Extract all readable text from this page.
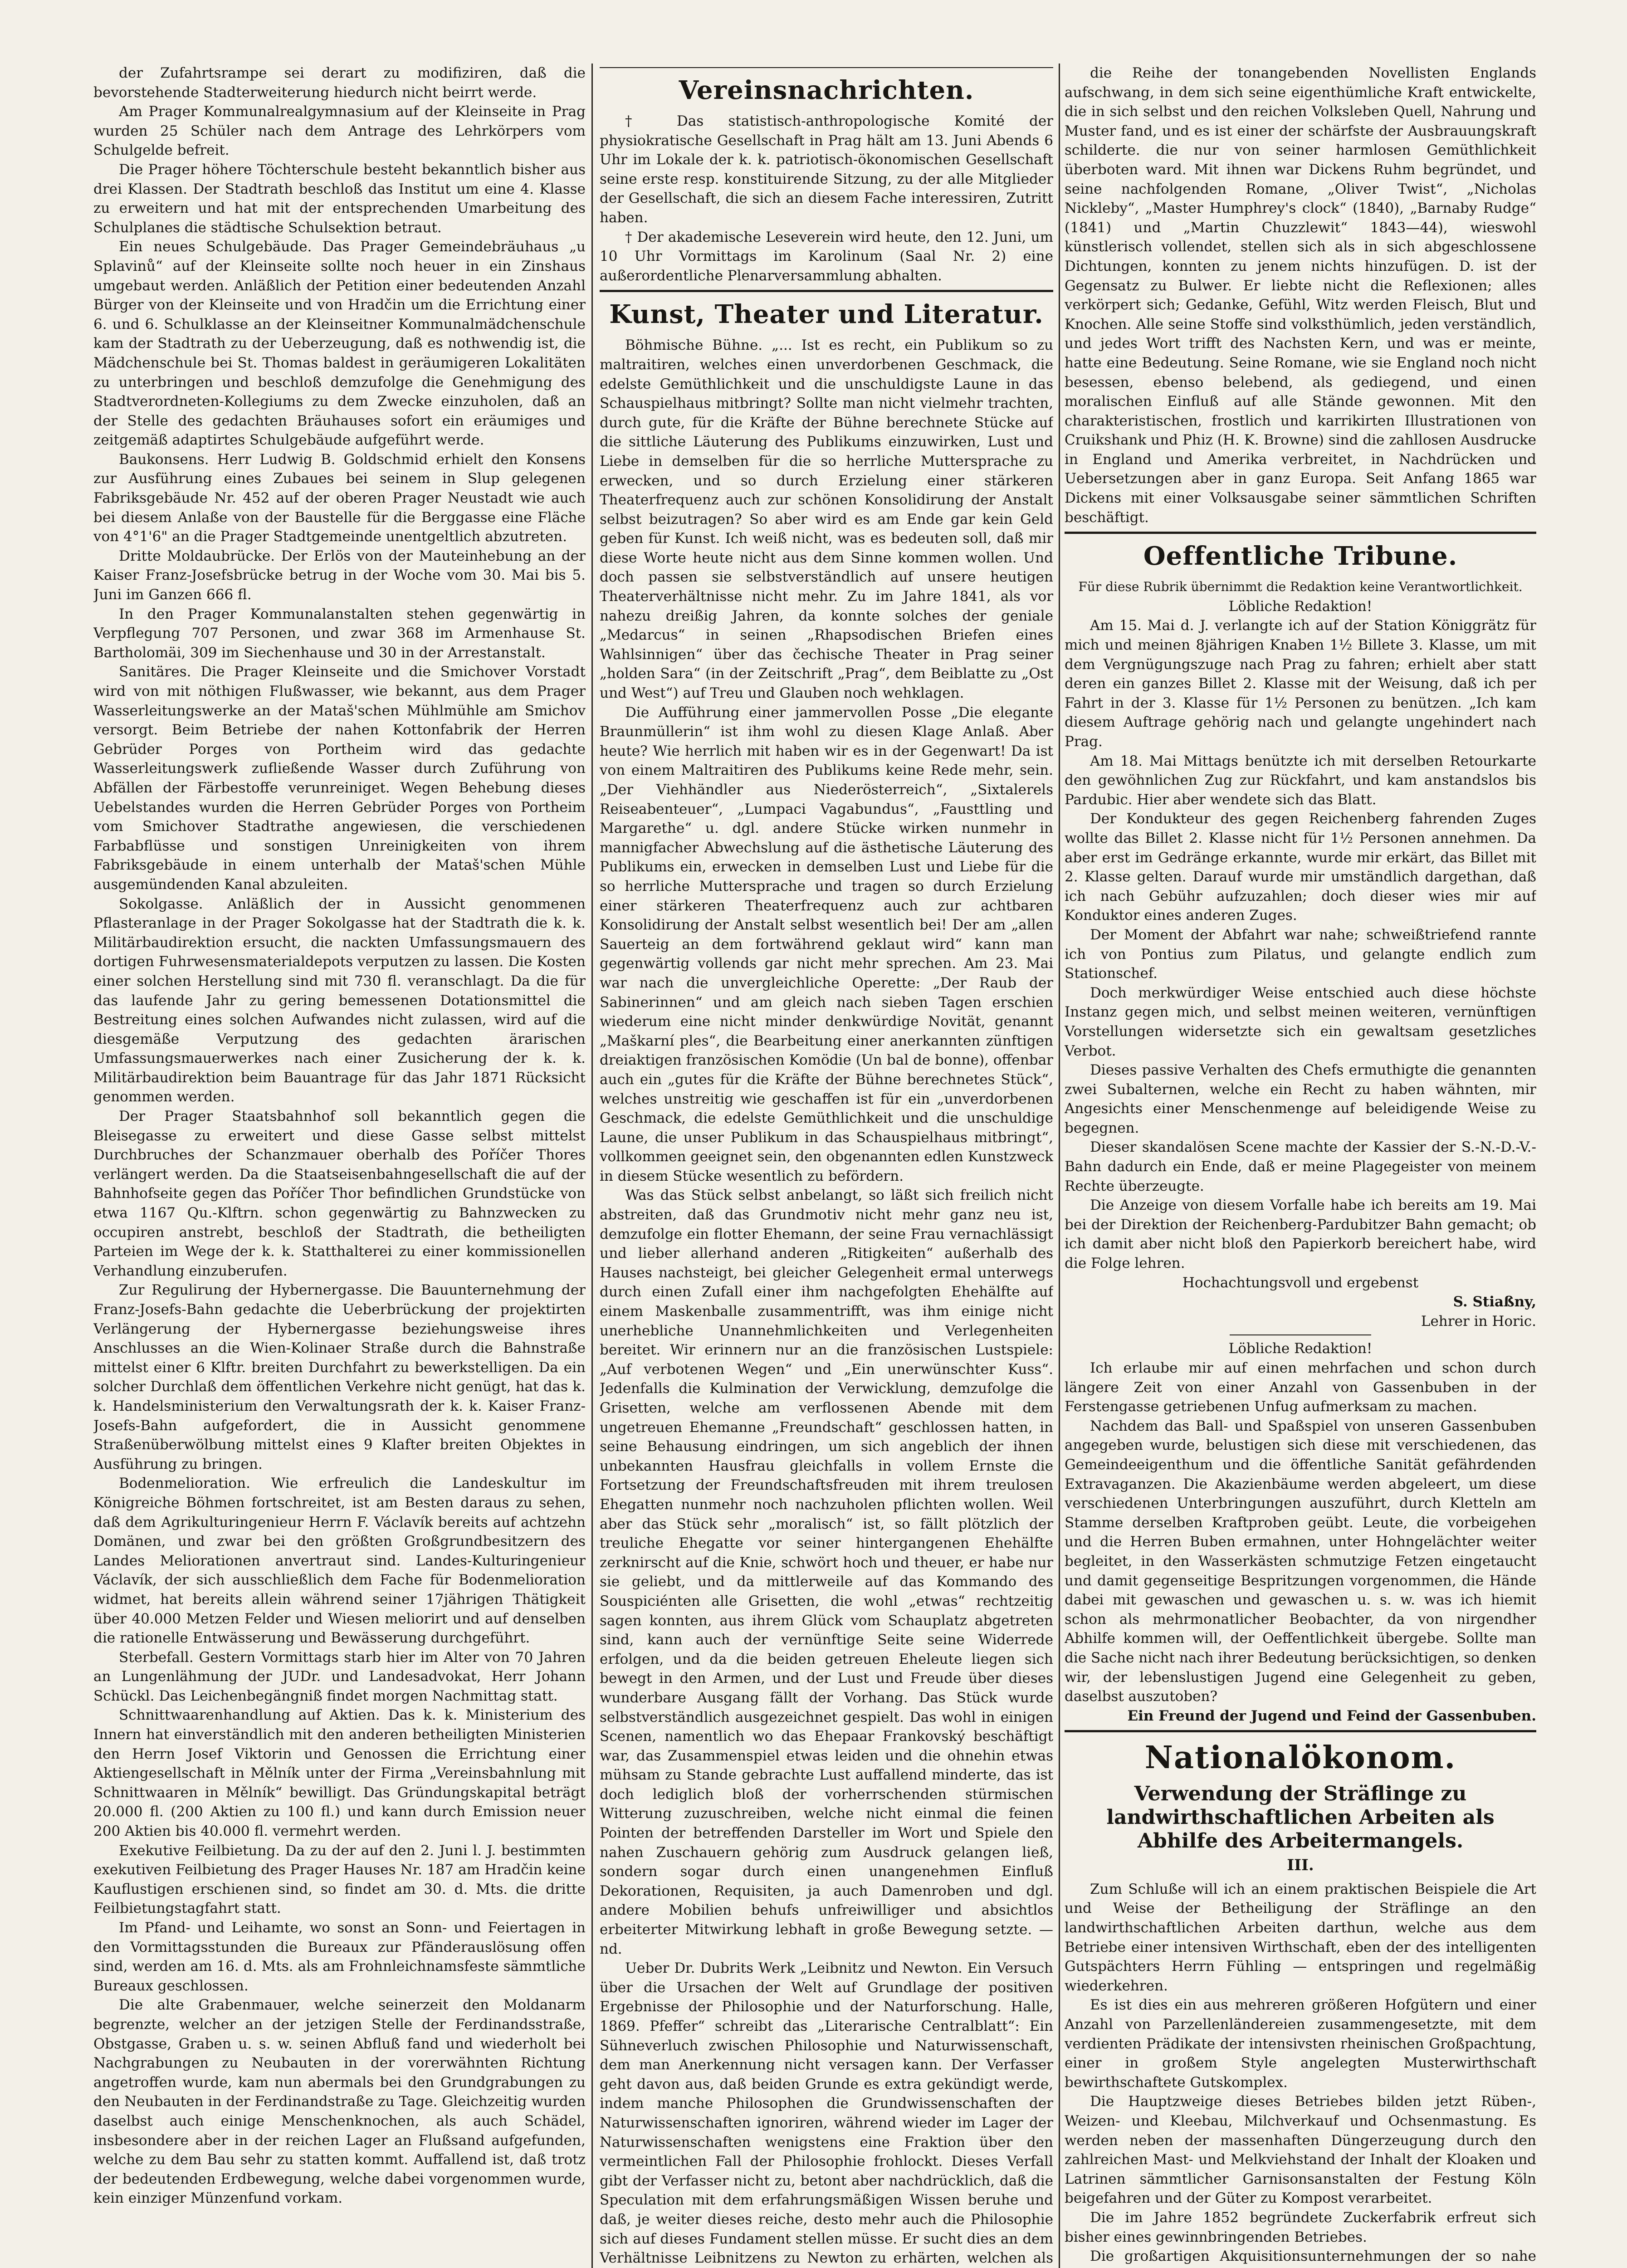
der Zufahrtsrampe sei derart zu modifiziren, daß die bevorstehende Stadterweiterung hiedurch nicht beirrt werde.

Am Prager Kommunalrealgymnasium auf der Kleinseite in Prag wurden 25 Schüler nach dem Antrage des Lehrkörpers vom Schulgelde befreit.

Die Prager höhere Töchterschule besteht bekanntlich bisher aus drei Klassen. Der Stadtrath beschloß das Institut um eine 4. Klasse zu erweitern und hat mit der entsprechenden Umarbeitung des Schulplanes die städtische Schulsektion betraut.

Ein neues Schulgebäude. Das Prager Gemeindebräuhaus „u Splavinů“ auf der Kleinseite sollte noch heuer in ein Zinshaus umgebaut werden. Anläßlich der Petition einer bedeutenden Anzahl Bürger von der Kleinseite und von Hradčin um die Errichtung einer 6. und 6. Schulklasse an der Kleinseitner Kommunalmädchenschule kam der Stadtrath zu der Ueberzeugung, daß es nothwendig ist, die Mädchenschule bei St. Thomas baldest in geräumigeren Lokalitäten zu unterbringen und beschloß demzufolge die Genehmigung des Stadtverordneten-Kollegiums zu dem Zwecke einzuholen, daß an der Stelle des gedachten Bräuhauses sofort ein eräumiges und zeitgemäß adaptirtes Schulgebäude aufgeführt werde.

Baukonsens. Herr Ludwig B. Goldschmid erhielt den Konsens zur Ausführung eines Zubaues bei seinem in Slup gelegenen Fabriksgebäude Nr. 452 auf der oberen Prager Neustadt wie auch bei diesem Anlaße von der Baustelle für die Berggasse eine Fläche von 4°1'6" an die Prager Stadtgemeinde unentgeltlich abzutreten.

Dritte Moldaubrücke. Der Erlös von der Mauteinhebung an der Kaiser Franz-Josefsbrücke betrug in der Woche vom 30. Mai bis 5. Juni im Ganzen 666 fl.

In den Prager Kommunalanstalten stehen gegenwärtig in Verpflegung 707 Personen, und zwar 368 im Armenhause St. Bartholomäi, 309 im Siechenhause und 30 in der Arrestanstalt.

Sanitäres. Die Prager Kleinseite und die Smichover Vorstadt wird von mit nöthigen Flußwasser, wie bekannt, aus dem Prager Wasserleitungswerke an der Mataš'schen Mühlmühle am Smichov versorgt. Beim Betriebe der nahen Kottonfabrik der Herren Gebrüder Porges von Portheim wird das gedachte Wasserleitungswerk zufließende Wasser durch Zuführung von Abfällen der Färbestoffe verunreiniget. Wegen Behebung dieses Uebelstandes wurden die Herren Gebrüder Porges von Portheim vom Smichover Stadtrathe angewiesen, die verschiedenen Farbabflüsse und sonstigen Unreinigkeiten von ihrem Fabriksgebäude in einem unterhalb der Mataš'schen Mühle ausgemündenden Kanal abzuleiten.

Sokolgasse. Anläßlich der in Aussicht genommenen Pflasteranlage in der Prager Sokolgasse hat der Stadtrath die k. k. Militärbaudirektion ersucht, die nackten Umfassungsmauern des dortigen Fuhrwesensmaterialdepots verputzen zu lassen. Die Kosten einer solchen Herstellung sind mit 730 fl. veranschlagt. Da die für das laufende Jahr zu gering bemessenen Dotationsmittel die Bestreitung eines solchen Aufwandes nicht zulassen, wird auf die diesgemäße Verputzung des gedachten ärarischen Umfassungsmauerwerkes nach einer Zusicherung der k. k. Militärbaudirektion beim Bauantrage für das Jahr 1871 Rücksicht genommen werden.

Der Prager Staatsbahnhof soll bekanntlich gegen die Bleisegasse zu erweitert und diese Gasse selbst mittelst Durchbruches der Schanzmauer oberhalb des Poříčer Thores verlängert werden. Da die Staatseisenbahngesellschaft die auf der Bahnhofseite gegen das Poříčer Thor befindlichen Grundstücke von etwa 1167 Qu.-Klftrn. schon gegenwärtig zu Bahnzwecken zu occupiren anstrebt, beschloß der Stadtrath, die betheiligten Parteien im Wege der k. k. Statthalterei zu einer kommissionellen Verhandlung einzuberufen.

Zur Regulirung der Hybernergasse. Die Bauunternehmung der Franz-Josefs-Bahn gedachte die Ueberbrückung der projektirten Verlängerung der Hybernergasse beziehungsweise ihres Anschlusses an die Wien-Kolinaer Straße durch die Bahnstraße mittelst einer 6 Klftr. breiten Durchfahrt zu bewerkstelligen. Da ein solcher Durchlaß dem öffentlichen Verkehre nicht genügt, hat das k. k. Handelsministerium den Verwaltungsrath der k. k. Kaiser Franz-Josefs-Bahn aufgefordert, die in Aussicht genommene Straßenüberwölbung mittelst eines 9 Klafter breiten Objektes in Ausführung zu bringen.

Bodenmelioration. Wie erfreulich die Landeskultur im Königreiche Böhmen fortschreitet, ist am Besten daraus zu sehen, daß dem Agrikulturingenieur Herrn F. Václavík bereits auf achtzehn Domänen, und zwar bei den größten Großgrundbesitzern des Landes Meliorationen anvertraut sind. Landes-Kulturingenieur Václavík, der sich ausschließlich dem Fache für Bodenmelioration widmet, hat bereits allein während seiner 17jährigen Thätigkeit über 40.000 Metzen Felder und Wiesen meliorirt und auf denselben die rationelle Entwässerung und Bewässerung durchgeführt.

Sterbefall. Gestern Vormittags starb hier im Alter von 70 Jahren an Lungenlähmung der JUDr. und Landesadvokat, Herr Johann Schückl. Das Leichenbegängniß findet morgen Nachmittag statt.

Schnittwaarenhandlung auf Aktien. Das k. k. Ministerium des Innern hat einverständlich mit den anderen betheiligten Ministerien den Herrn Josef Viktorin und Genossen die Errichtung einer Aktiengesellschaft in Mělník unter der Firma „Vereinsbahnlung mit Schnittwaaren in Mělník“ bewilligt. Das Gründungskapital beträgt 20.000 fl. (200 Aktien zu 100 fl.) und kann durch Emission neuer 200 Aktien bis 40.000 fl. vermehrt werden.

Exekutive Feilbietung. Da zu der auf den 2. Juni l. J. bestimmten exekutiven Feilbietung des Prager Hauses Nr. 187 am Hradčin keine Kauflustigen erschienen sind, so findet am 30. d. Mts. die dritte Feilbietungstagfahrt statt.

Im Pfand- und Leihamte, wo sonst an Sonn- und Feiertagen in den Vormittagsstunden die Bureaux zur Pfänderauslösung offen sind, werden am 16. d. Mts. als am Frohnleichnamsfeste sämmtliche Bureaux geschlossen.

Die alte Grabenmauer, welche seinerzeit den Moldanarm begrenzte, welcher an der jetzigen Stelle der Ferdinandsstraße, Obstgasse, Graben u. s. w. seinen Abfluß fand und wiederholt bei Nachgrabungen zu Neubauten in der vorerwähnten Richtung angetroffen wurde, kam nun abermals bei den Grundgrabungen zu den Neubauten in der Ferdinandstraße zu Tage. Gleichzeitig wurden daselbst auch einige Menschenknochen, als auch Schädel, insbesondere aber in der reichen Lager an Flußsand aufgefunden, welche zu dem Bau sehr zu statten kommt. Auffallend ist, daß trotz der bedeutenden Erdbewegung, welche dabei vorgenommen wurde, kein einziger Münzenfund vorkam.

Vereinsnachrichten.

† Das statistisch-anthropologische Komité der physiokratische Gesellschaft in Prag hält am 13. Juni Abends 6 Uhr im Lokale der k. k. patriotisch-ökonomischen Gesellschaft seine erste resp. konstituirende Sitzung, zu der alle Mitglieder der Gesellschaft, die sich an diesem Fache interessiren, Zutritt haben.

† Der akademische Leseverein wird heute, den 12. Juni, um 10 Uhr Vormittags im Karolinum (Saal Nr. 2) eine außerordentliche Plenarversammlung abhalten.

Kunst, Theater und Literatur.

Böhmische Bühne. „... Ist es recht, ein Publikum so zu maltraitiren, welches einen unverdorbenen Geschmack, die edelste Gemüthlichkeit und die unschuldigste Laune in das Schauspielhaus mitbringt? Sollte man nicht vielmehr trachten, durch gute, für die Kräfte der Bühne berechnete Stücke auf die sittliche Läuterung des Publikums einzuwirken, Lust und Liebe in demselben für die so herrliche Muttersprache zu erwecken, und so durch Erzielung einer stärkeren Theaterfrequenz auch zur schönen Konsolidirung der Anstalt selbst beizutragen? So aber wird es am Ende gar kein Geld geben für Kunst. Ich weiß nicht, was es bedeuten soll, daß mir diese Worte heute nicht aus dem Sinne kommen wollen. Und doch passen sie selbstverständlich auf unsere heutigen Theaterverhältnisse nicht mehr. Zu im Jahre 1841, als vor nahezu dreißig Jahren, da konnte solches der geniale „Medarcus“ in seinen „Rhapsodischen Briefen eines Wahlsinnigen“ über das čechische Theater in Prag seiner „holden Sara“ (in der Zeitschrift „Prag“, dem Beiblatte zu „Ost und West“) auf Treu und Glauben noch wehklagen.

Die Aufführung einer jammervollen Posse „Die elegante Braunmüllerin“ ist ihm wohl zu diesen Klage Anlaß. Aber heute? Wie herrlich mit haben wir es in der Gegenwart! Da ist von einem Maltraitiren des Publikums keine Rede mehr, sein. „Der Viehhändler aus Niederösterreich“, „Sixtalerels Reiseabenteuer“, „Lumpaci Vagabundus“, „Fausttling und Margarethe“ u. dgl. andere Stücke wirken nunmehr in mannigfacher Abwechslung auf die ästhetische Läuterung des Publikums ein, erwecken in demselben Lust und Liebe für die so herrliche Muttersprache und tragen so durch Erzielung einer stärkeren Theaterfrequenz auch zur achtbaren Konsolidirung der Anstalt selbst wesentlich bei! Der am „allen Sauerteig an dem fortwährend geklaut wird“ kann man gegenwärtig vollends gar nicht mehr sprechen. Am 23. Mai war nach die unvergleichliche Operette: „Der Raub der Sabinerinnen“ und am gleich nach sieben Tagen erschien wiederum eine nicht minder denkwürdige Novität, genannt „Maškarní ples“, die Bearbeitung einer anerkannten zünftigen dreiaktigen französischen Komödie (Un bal de bonne), offenbar auch ein „gutes für die Kräfte der Bühne berechnetes Stück“, welches unstreitig wie geschaffen ist für ein „unverdorbenen Geschmack, die edelste Gemüthlichkeit und die unschuldige Laune, die unser Publikum in das Schauspielhaus mitbringt“, vollkommen geeignet sein, den obgenannten edlen Kunstzweck in diesem Stücke wesentlich zu befördern.

Was das Stück selbst anbelangt, so läßt sich freilich nicht abstreiten, daß das Grundmotiv nicht mehr ganz neu ist, demzufolge ein flotter Ehemann, der seine Frau vernachlässigt und lieber allerhand anderen „Ritigkeiten“ außerhalb des Hauses nachsteigt, bei gleicher Gelegenheit ermal unterwegs durch einen Zufall einer ihm nachgefolgten Ehehälfte auf einem Maskenballe zusammentrifft, was ihm einige nicht unerhebliche Unannehmlichkeiten und Verlegenheiten bereitet. Wir erinnern nur an die französischen Lustspiele: „Auf verbotenen Wegen“ und „Ein unerwünschter Kuss“. Jedenfalls die Kulmination der Verwicklung, demzufolge die Grisetten, welche am verflossenen Abende mit dem ungetreuen Ehemanne „Freundschaft“ geschlossen hatten, in seine Behausung eindringen, um sich angeblich der ihnen unbekannten Hausfrau gleichfalls in vollem Ernste die Fortsetzung der Freundschaftsfreuden mit ihrem treulosen Ehegatten nunmehr noch nachzuholen pflichten wollen. Weil aber das Stück sehr „moralisch“ ist, so fällt plötzlich der treuliche Ehegatte vor seiner hintergangenen Ehehälfte zerknirscht auf die Knie, schwört hoch und theuer, er habe nur sie geliebt, und da mittlerweile auf das Kommando des Souspiciénten alle Grisetten, die wohl „etwas“ rechtzeitig sagen konnten, aus ihrem Glück vom Schauplatz abgetreten sind, kann auch der vernünftige Seite seine Widerrede erfolgen, und da die beiden getreuen Eheleute liegen sich bewegt in den Armen, und der Lust und Freude über dieses wunderbare Ausgang fällt der Vorhang. Das Stück wurde selbstverständlich ausgezeichnet gespielt. Das wohl in einigen Scenen, namentlich wo das Ehepaar Frankovský beschäftigt war, das Zusammenspiel etwas leiden und die ohnehin etwas mühsam zu Stande gebrachte Lust auffallend minderte, das ist doch lediglich bloß der vorherrschenden stürmischen Witterung zuzuschreiben, welche nicht einmal die feinen Pointen der betreffenden Darsteller im Wort und Spiele den nahen Zuschauern gehörig zum Ausdruck gelangen ließ, sondern sogar durch einen unangenehmen Einfluß Dekorationen, Requisiten, ja auch Damenroben und dgl. andere Mobilien behufs unfreiwilliger und absichtlos erbeiterter Mitwirkung lebhaft in große Bewegung setzte. — nd.

Ueber Dr. Dubrits Werk „Leibnitz und Newton. Ein Versuch über die Ursachen der Welt auf Grundlage der positiven Ergebnisse der Philosophie und der Naturforschung. Halle, 1869. Pfeffer“ schreibt das „Literarische Centralblatt“: Ein Sühneverluch zwischen Philosophie und Naturwissenschaft, dem man Anerkennung nicht versagen kann. Der Verfasser geht davon aus, daß beiden Grunde es extra gekündigt werde, indem manche Philosophen die Grundwissenschaften der Naturwissenschaften ignoriren, während wieder im Lager der Naturwissenschaften wenigstens eine Fraktion über den vermeintlichen Fall der Philosophie frohlockt. Dieses Verfall gibt der Verfasser nicht zu, betont aber nachdrücklich, daß die Speculation mit dem erfahrungsmäßigen Wissen beruhe und daß, je weiter dieses reiche, desto mehr auch die Philosophie sich auf dieses Fundament stellen müsse. Er sucht dies an dem Verhältnisse Leibnitzens zu Newton zu erhärten, welchen als

die Reihe der tonangebenden Novellisten Englands aufschwang, in dem sich seine eigenthümliche Kraft entwickelte, die in sich selbst und den reichen Volksleben Quell, Nahrung und Muster fand, und es ist einer der schärfste der Ausbrauungskraft schilderte. die nur von seiner harmlosen Gemüthlichkeit überboten ward. Mit ihnen war Dickens Ruhm begründet, und seine nachfolgenden Romane, „Oliver Twist“, „Nicholas Nickleby“, „Master Humphrey's clock“ (1840), „Barnaby Rudge“ (1841) und „Martin Chuzzlewit“ 1843—44), wieswohl künstlerisch vollendet, stellen sich als in sich abgeschlossene Dichtungen, konnten zu jenem nichts hinzufügen. D. ist der Gegensatz zu Bulwer. Er liebte nicht die Reflexionen; alles verkörpert sich; Gedanke, Gefühl, Witz werden Fleisch, Blut und Knochen. Alle seine Stoffe sind volksthümlich, jeden verständlich, und jedes Wort trifft des Nachsten Kern, und was er meinte, hatte eine Bedeutung. Seine Romane, wie sie England noch nicht besessen, ebenso belebend, als gediegend, und einen moralischen Einfluß auf alle Stände gewonnen. Mit den charakteristischen, frostlich und karrikirten Illustrationen von Cruikshank und Phiz (H. K. Browne) sind die zahllosen Ausdrucke in England und Amerika verbreitet, in Nachdrücken und Uebersetzungen aber in ganz Europa. Seit Anfang 1865 war Dickens mit einer Volksausgabe seiner sämmtlichen Schriften beschäftigt.

Oeffentliche Tribune.

Für diese Rubrik übernimmt die Redaktion keine Verantwortlichkeit.

Löbliche Redaktion!

Am 15. Mai d. J. verlangte ich auf der Station Königgrätz für mich und meinen 8jährigen Knaben 1½ Billete 3. Klasse, um mit dem Vergnügungszuge nach Prag zu fahren; erhielt aber statt deren ein ganzes Billet 2. Klasse mit der Weisung, daß ich per Fahrt in der 3. Klasse für 1½ Personen zu benützen. „Ich kam diesem Auftrage gehörig nach und gelangte ungehindert nach Prag.

Am 18. Mai Mittags benützte ich mit derselben Retourkarte den gewöhnlichen Zug zur Rückfahrt, und kam anstandslos bis Pardubic. Hier aber wendete sich das Blatt.

Der Kondukteur des gegen Reichenberg fahrenden Zuges wollte das Billet 2. Klasse nicht für 1½ Personen annehmen. Da aber erst im Gedränge erkannte, wurde mir erkärt, das Billet mit 2. Klasse gelten. Darauf wurde mir umständlich dargethan, daß ich nach Gebühr aufzuzahlen; doch dieser wies mir auf Konduktor eines anderen Zuges.

Der Moment der Abfahrt war nahe; schweißtriefend rannte ich von Pontius zum Pilatus, und gelangte endlich zum Stationschef.

Doch merkwürdiger Weise entschied auch diese höchste Instanz gegen mich, und selbst meinen weiteren, vernünftigen Vorstellungen widersetzte sich ein gewaltsam gesetzliches Verbot.

Dieses passive Verhalten des Chefs ermuthigte die genannten zwei Subalternen, welche ein Recht zu haben wähnten, mir Angesichts einer Menschenmenge auf beleidigende Weise zu begegnen.

Dieser skandalösen Scene machte der Kassier der S.-N.-D.-V.-Bahn dadurch ein Ende, daß er meine Plagegeister von meinem Rechte überzeugte.

Die Anzeige von diesem Vorfalle habe ich bereits am 19. Mai bei der Direktion der Reichenberg-Pardubitzer Bahn gemacht; ob ich damit aber nicht bloß den Papierkorb bereichert habe, wird die Folge lehren.

Hochachtungsvoll und ergebenst

S. Stiaßny,

Lehrer in Horic.

Löbliche Redaktion!

Ich erlaube mir auf einen mehrfachen und schon durch längere Zeit von einer Anzahl von Gassenbuben in der Ferstengasse getriebenen Unfug aufmerksam zu machen.

Nachdem das Ball- und Spaßspiel von unseren Gassenbuben angegeben wurde, belustigen sich diese mit verschiedenen, das Gemeindeeigenthum und die öffentliche Sanität gefährdenden Extravaganzen. Die Akazienbäume werden abgeleert, um diese verschiedenen Unterbringungen auszuführt, durch Kletteln am Stamme derselben Kraftproben geübt. Leute, die vorbeigehen und die Herren Buben ermahnen, unter Hohngelächter weiter begleitet, in den Wasserkästen schmutzige Fetzen eingetaucht und damit gegenseitige Bespritzungen vorgenommen, die Hände dabei mit gewaschen und gewaschen u. s. w. was ich hiemit schon als mehrmonatlicher Beobachter, da von nirgendher Abhilfe kommen will, der Oeffentlichkeit übergebe. Sollte man die Sache nicht nach ihrer Bedeutung berücksichtigen, so denken wir, der lebenslustigen Jugend eine Gelegenheit zu geben, daselbst auszutoben?

Ein Freund der Jugend und Feind der Gassenbuben.

Nationalökonom.
Verwendung der Sträflinge zu landwirthschaftlichen Arbeiten als Abhilfe des Arbeitermangels.
III.

Zum Schluße will ich an einem praktischen Beispiele die Art und Weise der Betheiligung der Sträflinge an den landwirthschaftlichen Arbeiten darthun, welche aus dem Betriebe einer intensiven Wirthschaft, eben der des intelligenten Gutspächters Herrn Fühling — entspringen und regelmäßig wiederkehren.

Es ist dies ein aus mehreren größeren Hofgütern und einer Anzahl von Parzellenländereien zusammengesetzte, mit dem verdienten Prädikate der intensivsten rheinischen Großpachtung, einer in großem Style angelegten Musterwirthschaft bewirthschaftete Gutskomplex.

Die Hauptzweige dieses Betriebes bilden jetzt Rüben-, Weizen- und Kleebau, Milchverkauf und Ochsenmastung. Es werden neben der massenhaften Düngerzeugung durch den zahlreichen Mast- und Melkviehstand der Inhalt der Kloaken und Latrinen sämmtlicher Garnisonsanstalten der Festung Köln beigefahren und der Güter zu Kompost verarbeitet.

Die im Jahre 1852 begründete Zuckerfabrik erfreut sich bisher eines gewinnbringenden Betriebes.

Die großartigen Akquisitionsunternehmungen der so nahe
